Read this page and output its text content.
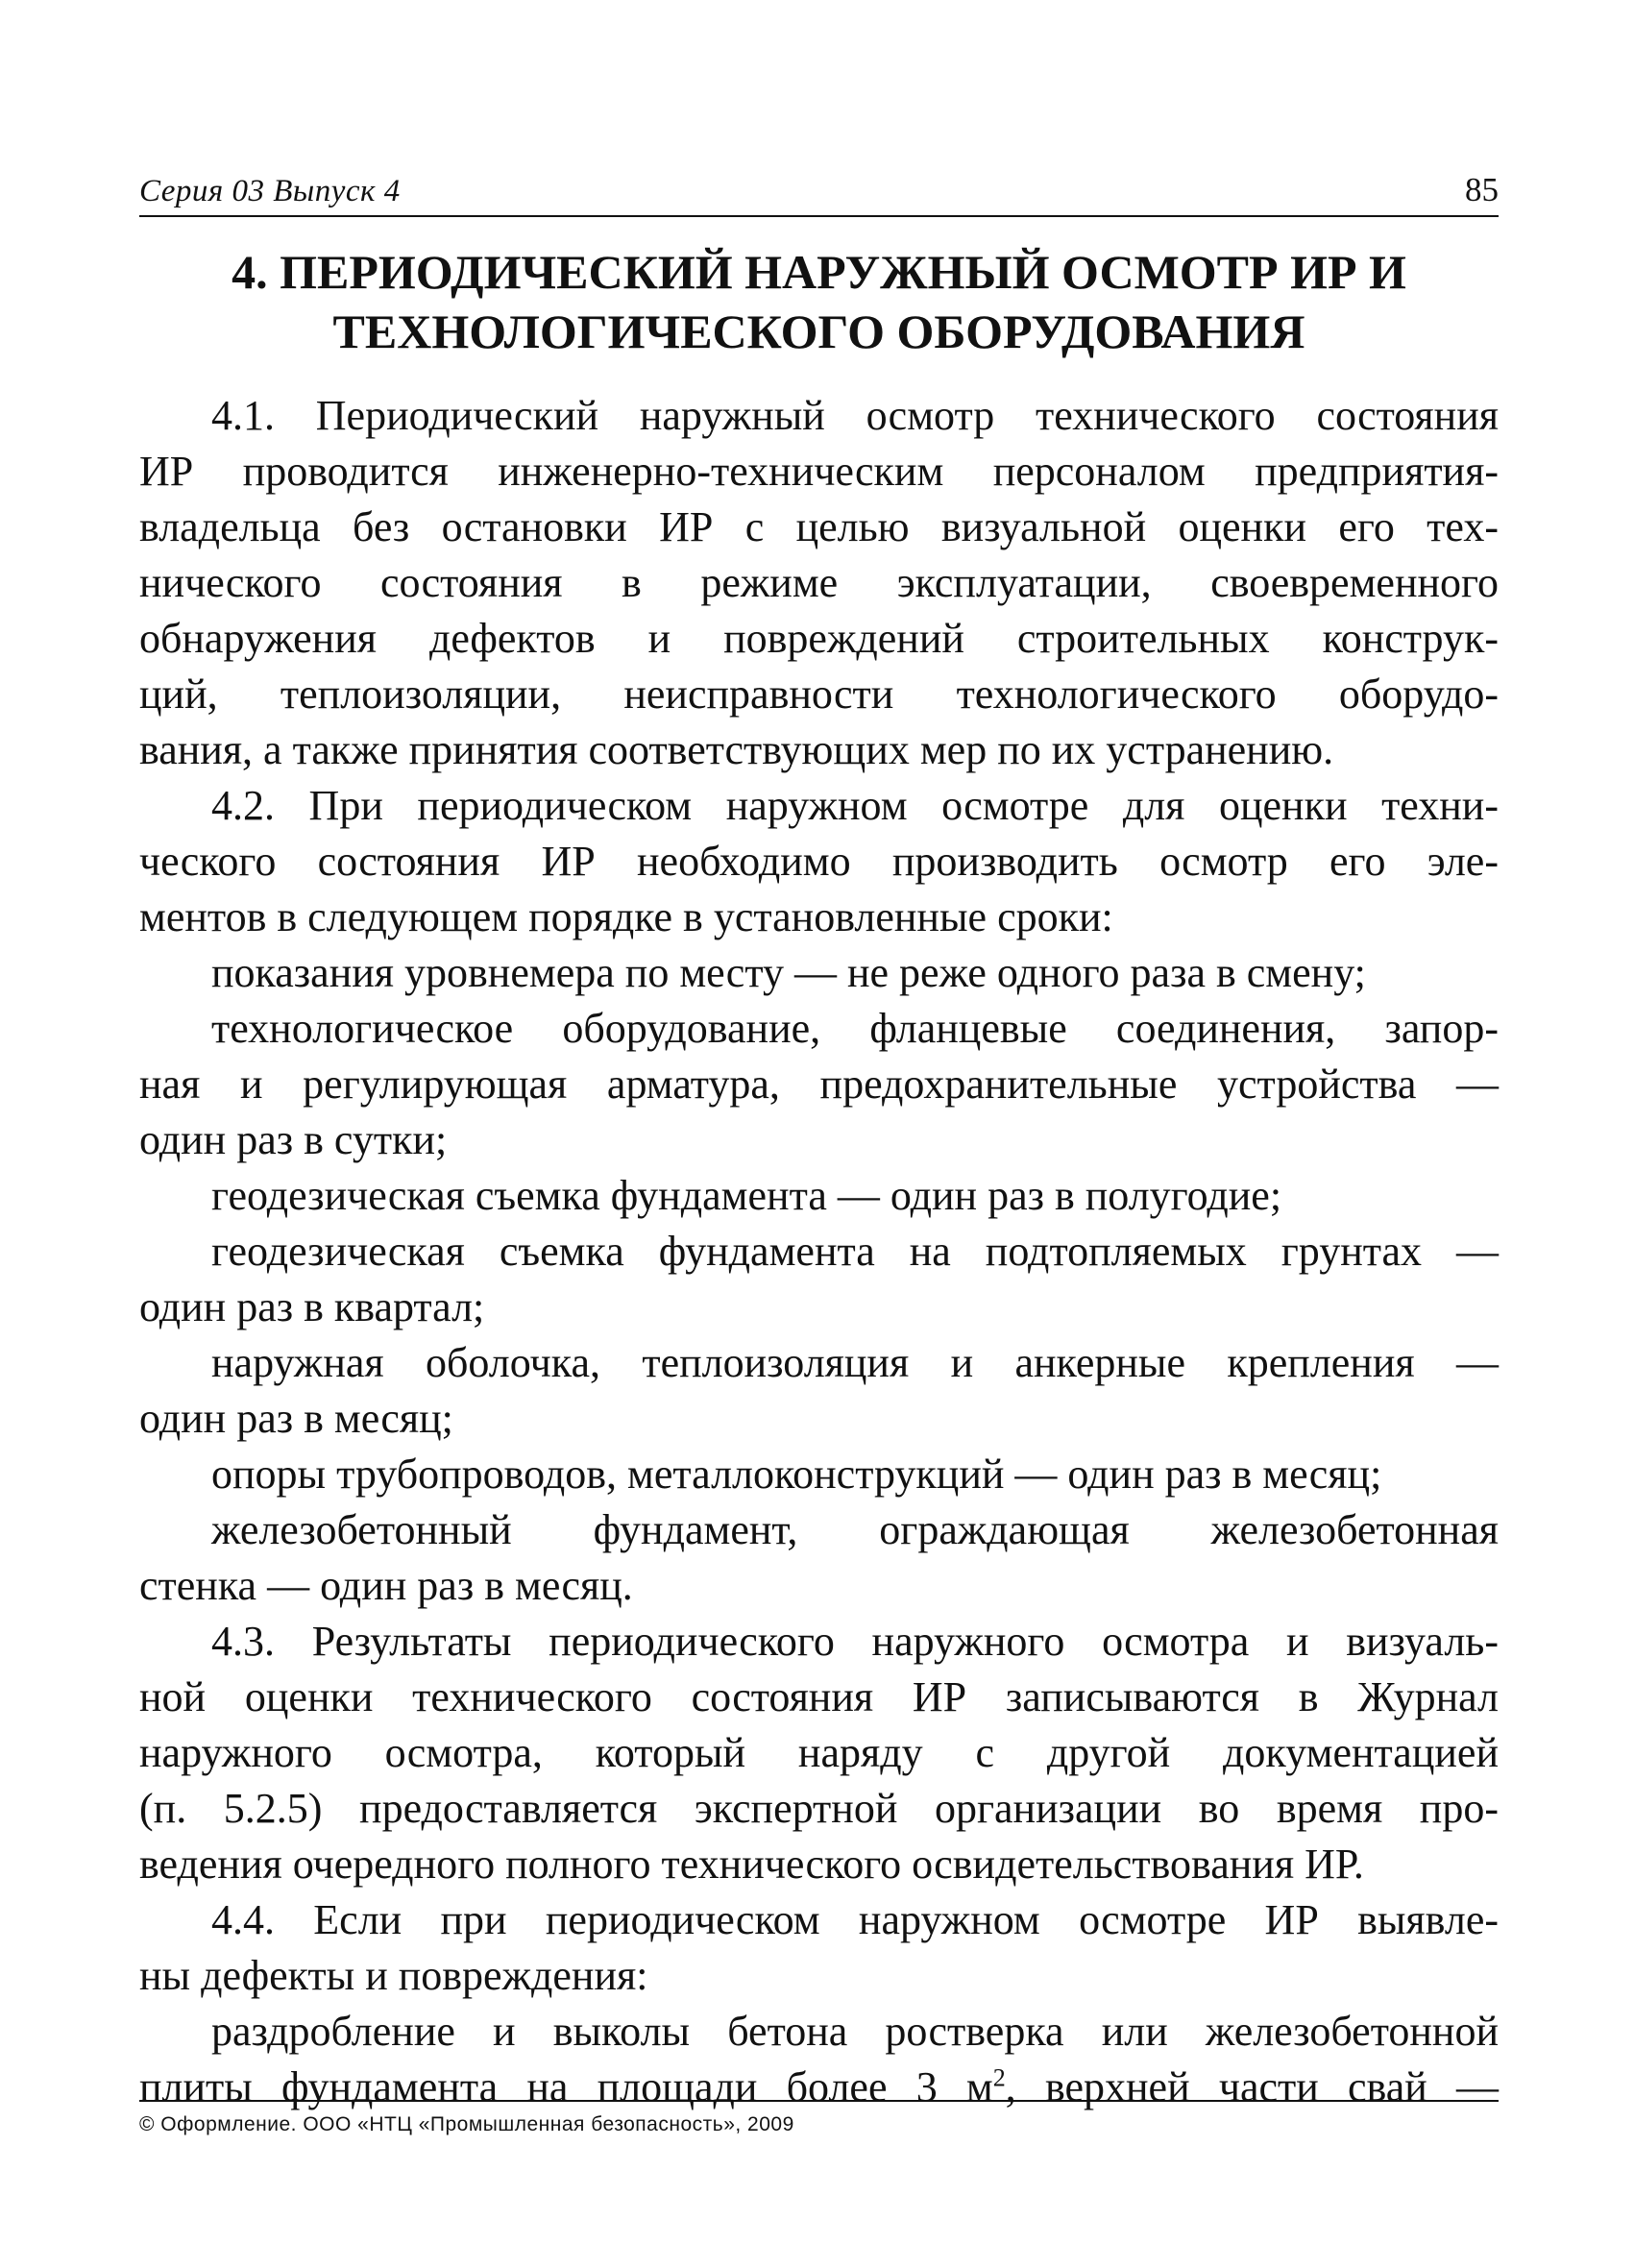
Серия 03 Выпуск 4	85
4. ПЕРИОДИЧЕСКИЙ НАРУЖНЫЙ ОСМОТР ИР И
ТЕХНОЛОГИЧЕСКОГО ОБОРУДОВАНИЯ
4.1. Периодический наружный осмотр технического состояния
ИР проводится инженерно-техническим персоналом предприятия-
владельца без остановки ИР с целью визуальной оценки его тех-
нического состояния в режиме эксплуатации, своевременного
обнаружения дефектов и повреждений строительных конструк-
ций, теплоизоляции, неисправности технологического оборудо-
вания, а также принятия соответствующих мер по их устранению.
4.2. При периодическом наружном осмотре для оценки техни-
ческого состояния ИР необходимо производить осмотр его эле-
ментов в следующем порядке в установленные сроки:
показания уровнемера по месту — не реже одного раза в смену;
технологическое оборудование, фланцевые соединения, запор-
ная и регулирующая арматура, предохранительные устройства —
один раз в сутки;
геодезическая съемка фундамента — один раз в полугодие;
геодезическая съемка фундамента на подтопляемых грунтах —
один раз в квартал;
наружная оболочка, теплоизоляция и анкерные крепления —
один раз в месяц;
опоры трубопроводов, металлоконструкций — один раз в месяц;
железобетонный фундамент, ограждающая железобетонная
стенка — один раз в месяц.
4.3. Результаты периодического наружного осмотра и визуаль-
ной оценки технического состояния ИР записываются в Журнал
наружного осмотра, который наряду с другой документацией
(п. 5.2.5) предоставляется экспертной организации во время про-
ведения очередного полного технического освидетельствования ИР.
4.4. Если при периодическом наружном осмотре ИР выявле-
ны дефекты и повреждения:
раздробление и выколы бетона ростверка или железобетонной
плиты фундамента на площади более 3 $м^2$, верхней части свай —
© Оформление. ООО «НТЦ «Промышленная безопасность», 2009
